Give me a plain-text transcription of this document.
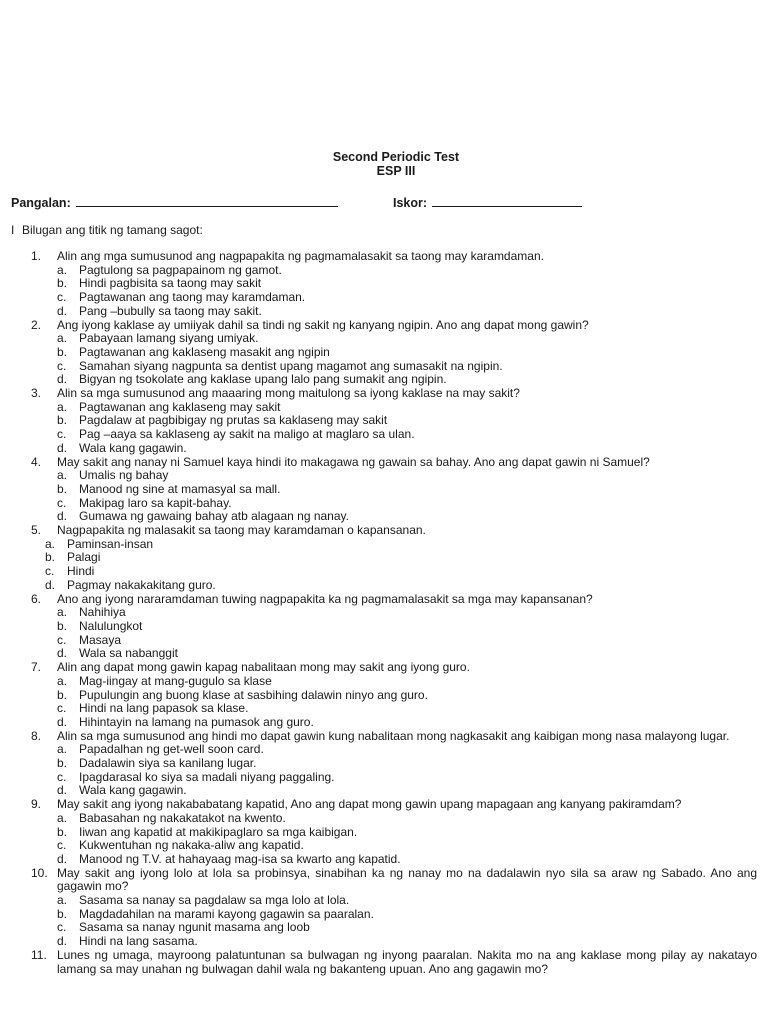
Second Periodic Test
ESP III
Pangalan:	Iskor:
I Bilugan ang titik ng tamang sagot:
1. Alin ang mga sumusunod ang nagpapakita ng pagmamalasakit sa taong may karamdaman.
a. Pagtulong sa pagpapainom ng gamot.
b. Hindi pagbisita sa taong may sakit
c. Pagtawanan ang taong may karamdaman.
d. Pang –bubully sa taong may sakit.
2. Ang iyong kaklase ay umiiyak dahil sa tindi ng sakit ng kanyang ngipin. Ano ang dapat mong gawin?
a. Pabayaan lamang siyang umiyak.
b. Pagtawanan ang kaklaseng masakit ang ngipin
c. Samahan siyang nagpunta sa dentist upang magamot ang sumasakit na ngipin.
d. Bigyan ng tsokolate ang kaklase upang lalo pang sumakit ang ngipin.
3. Alin sa mga sumusunod ang maaaring mong maitulong sa iyong kaklase na may sakit?
a. Pagtawanan ang kaklaseng may sakit
b. Pagdalaw at pagbibigay ng prutas sa kaklaseng may sakit
c. Pag –aaya sa kaklaseng ay sakit na maligo at maglaro sa ulan.
d. Wala kang gagawin.
4. May sakit ang nanay ni Samuel kaya hindi ito makagawa ng gawain sa bahay. Ano ang dapat gawin ni Samuel?
a. Umalis ng bahay
b. Manood ng sine at mamasyal sa mall.
c. Makipag laro sa kapit-bahay.
d. Gumawa ng gawaing bahay atb alagaan ng nanay.
5. Nagpapakita ng malasakit sa taong may karamdaman o kapansanan.
a. Paminsan-insan
b. Palagi
c. Hindi
d. Pagmay nakakakitang guro.
6. Ano ang iyong nararamdaman tuwing nagpapakita ka ng pagmamalasakit sa mga may kapansanan?
a. Nahihiya
b. Nalulungkot
c. Masaya
d. Wala sa nabanggit
7. Alin ang dapat mong gawin kapag nabalitaan mong may sakit ang iyong guro.
a. Mag-iingay at mang-gugulo sa klase
b. Pupulungin ang buong klase at sasbihing dalawin ninyo ang guro.
c. Hindi na lang papasok sa klase.
d. Hihintayin na lamang na pumasok ang guro.
8. Alin sa mga sumusunod ang hindi mo dapat gawin kung nabalitaan mong nagkasakit ang kaibigan mong nasa malayong lugar.
a. Papadalhan ng get-well soon card.
b. Dadalawin siya sa kanilang lugar.
c. Ipagdarasal ko siya sa madali niyang paggaling.
d. Wala kang gagawin.
9. May sakit ang iyong nakababatang kapatid, Ano ang dapat mong gawin upang mapagaan ang kanyang pakiramdam?
a. Babasahan ng nakakatakot na kwento.
b. Iiwan ang kapatid at makikipaglaro sa mga kaibigan.
c. Kukwentuhan ng nakaka-aliw ang kapatid.
d. Manood ng T.V. at hahayaag mag-isa sa kwarto ang kapatid.
10. May sakit ang iyong lolo at lola sa probinsya, sinabihan ka ng nanay mo na dadalawin nyo sila sa araw ng Sabado. Ano ang gagawin mo?
a. Sasama sa nanay sa pagdalaw sa mga lolo at lola.
b. Magdadahilan na marami kayong gagawin sa paaralan.
c. Sasama sa nanay ngunit masama ang loob
d. Hindi na lang sasama.
11. Lunes ng umaga, mayroong palatuntunan sa bulwagan ng inyong paaralan. Nakita mo na ang kaklase mong pilay ay nakatayo lamang sa may unahan ng bulwagan dahil wala ng bakanteng upuan. Ano ang gagawin mo?
